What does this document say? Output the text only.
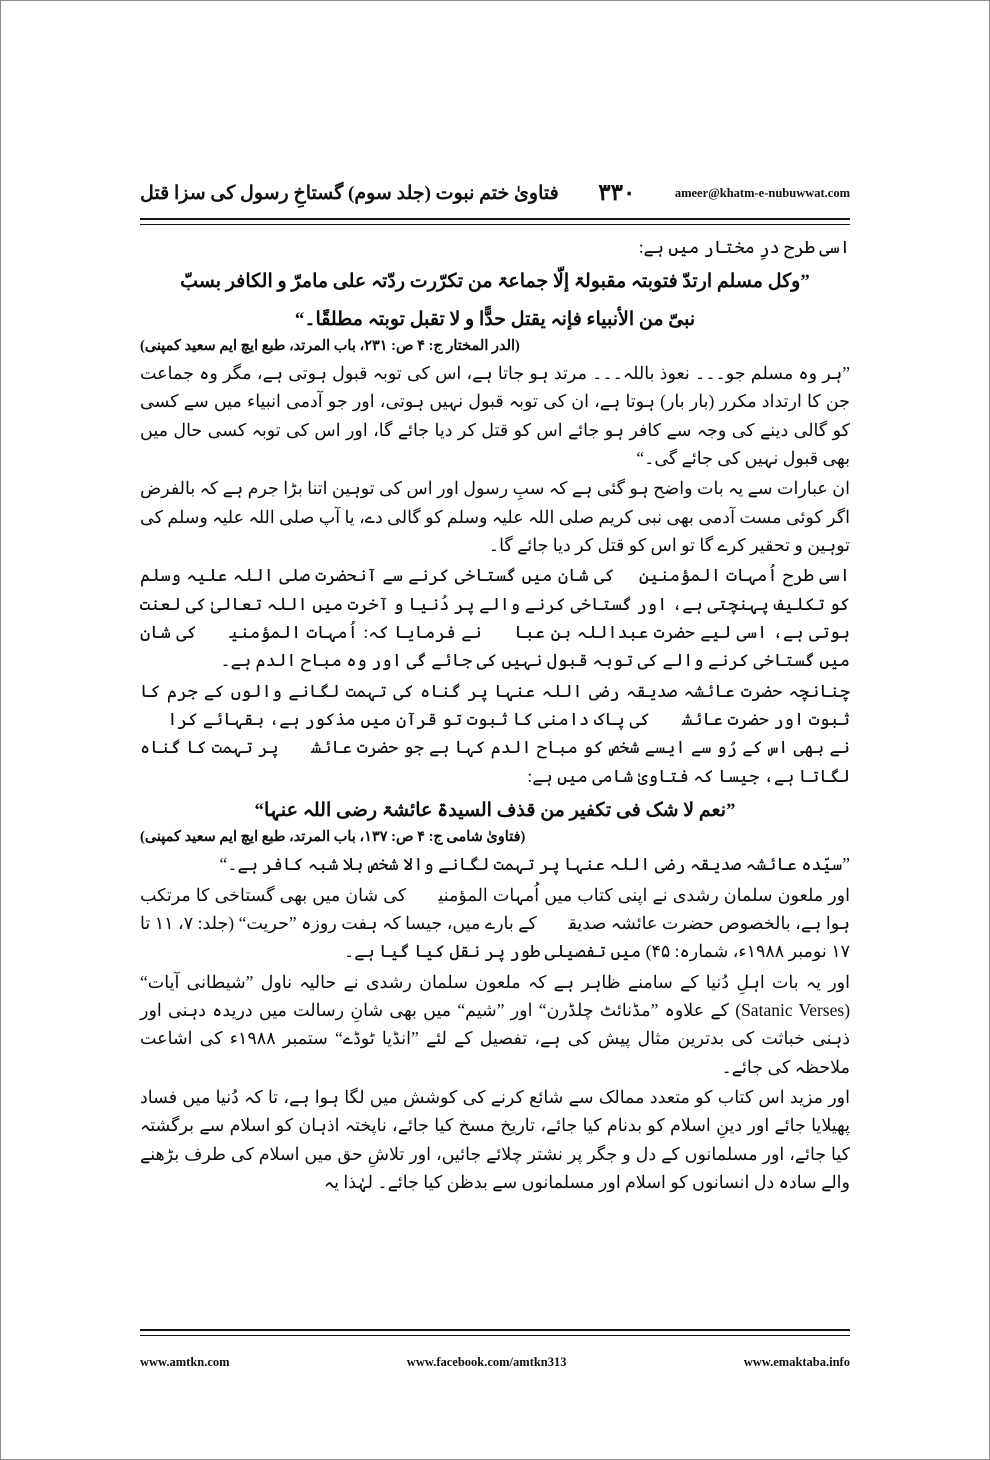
فتاویٰ ختم نبوت (جلد سوم) گستاخِ رسول کی سزا قتل ۳۳۰	ameer@khatm-e-nubuwwat.com

اسی طرح درِ مختار میں ہے:

”وکل مسلم ارتدّ فتوبتہ مقبولۃ إلّا جماعۃ من تکرّرت ردّتہ علی مامرّ و الکافر بسبّ

نبیّ من الأنبیاء فإنہ یقتل حدًّا و لا تقبل توبتہ مطلقًا۔“

(الدر المختار ج: ۴ ص: ۲۳۱، باب المرتد، طبع ایچ ایم سعید کمپنی)

”ہر وہ مسلم جو۔۔۔ نعوذ باللہ۔۔۔ مرتد ہو جاتا ہے، اس کی توبہ قبول ہوتی ہے، مگر وہ جماعت جن کا ارتداد مکرر (بار بار) ہوتا ہے، ان کی توبہ قبول نہیں ہوتی، اور جو آدمی انبیاء میں سے کسی کو گالی دینے کی وجہ سے کافر ہو جائے اس کو قتل کر دیا جائے گا، اور اس کی توبہ کسی حال میں بھی قبول نہیں کی جائے گی۔“

ان عبارات سے یہ بات واضح ہو گئی ہے کہ سبِ رسول اور اس کی توہین اتنا بڑا جرم ہے کہ بالفرض اگر کوئی مست آدمی بھی نبی کریم صلی اللہ علیہ وسلم کو گالی دے، یا آپ صلی اللہ علیہ وسلم کی توہین و تحقیر کرے گا تو اس کو قتل کر دیا جائے گا۔

اسی طرح اُمہات المؤمنین ؓ کی شان میں گستاخی کرنے سے آنحضرت صلی اللہ علیہ وسلم کو تکلیف پہنچتی ہے، اور گستاخی کرنے والے پر دُنیا و آخرت میں اللہ تعالیٰ کی لعنت ہوتی ہے، اسی لیے حضرت عبداللہ بن عباسؓ نے فرمایا کہ: اُمہات المؤمنینؓ کی شان میں گستاخی کرنے والے کی توبہ قبول نہیں کی جائے گی اور وہ مباح الدم ہے۔

چنانچہ حضرت عائشہ صدیقہ رضی اللہ عنہا پر گناہ کی تہمت لگانے والوں کے جرم کا ثبوت اور حضرت عائشہؓ کی پاک دامنی کا ثبوت تو قرآن میں مذکور ہے، بقہائے کرامؒ نے بھی اس کے رُو سے ایسے شخص کو مباح الدم کہا ہے جو حضرت عائشہؓ پر تہمت کا گناہ لگاتا ہے، جیسا کہ فتاویٰ شامی میں ہے:

”نعم لا شک فی تکفیر من قذف السیدۃ عائشۃ رضی اللہ عنہا“

(فتاویٰ شامی ج: ۴ ص: ۱۳۷، باب المرتد، طبع ایچ ایم سعید کمپنی)

”سیّدہ عائشہ صدیقہ رضی اللہ عنہا پر تہمت لگانے والا شخص بلا شبہ کافر ہے۔“

اور ملعون سلمان رشدی نے اپنی کتاب میں اُمہات المؤمنینؓ کی شان میں بھی گستاخی کا مرتکب ہوا ہے، بالخصوص حضرت عائشہ صدیقہؓ کے بارے میں، جیسا کہ ہفت روزہ ”حریت“ (جلد: ۷، ۱۱ تا ۱۷ نومبر ۱۹۸۸ء، شمارہ: ۴۵) میں تفصیلی طور پر نقل کیا گیا ہے۔

اور یہ بات اہلِ دُنیا کے سامنے ظاہر ہے کہ ملعون سلمان رشدی نے حالیہ ناول ”شیطانی آیات“ (Satanic Verses) کے علاوہ ”مڈنائٹ چلڈرن“ اور ”شیم“ میں بھی شانِ رسالت میں دریدہ دہنی اور ذہنی خباثت کی بدترین مثال پیش کی ہے، تفصیل کے لئے ”انڈیا ٹوڈے“ ستمبر ۱۹۸۸ء کی اشاعت ملاحظہ کی جائے۔

اور مزید اس کتاب کو متعدد ممالک سے شائع کرنے کی کوشش میں لگا ہوا ہے، تا کہ دُنیا میں فساد پھیلایا جائے اور دینِ اسلام کو بدنام کیا جائے، تاریخ مسخ کیا جائے، ناپختہ اذہان کو اسلام سے برگشتہ کیا جائے، اور مسلمانوں کے دل و جگر پر نشتر چلائے جائیں، اور تلاشِ حق میں اسلام کی طرف بڑھنے والے سادہ دل انسانوں کو اسلام اور مسلمانوں سے بدظن کیا جائے۔ لہٰذا یہ

www.amtkn.com	www.facebook.com/amtkn313	www.emaktaba.info
